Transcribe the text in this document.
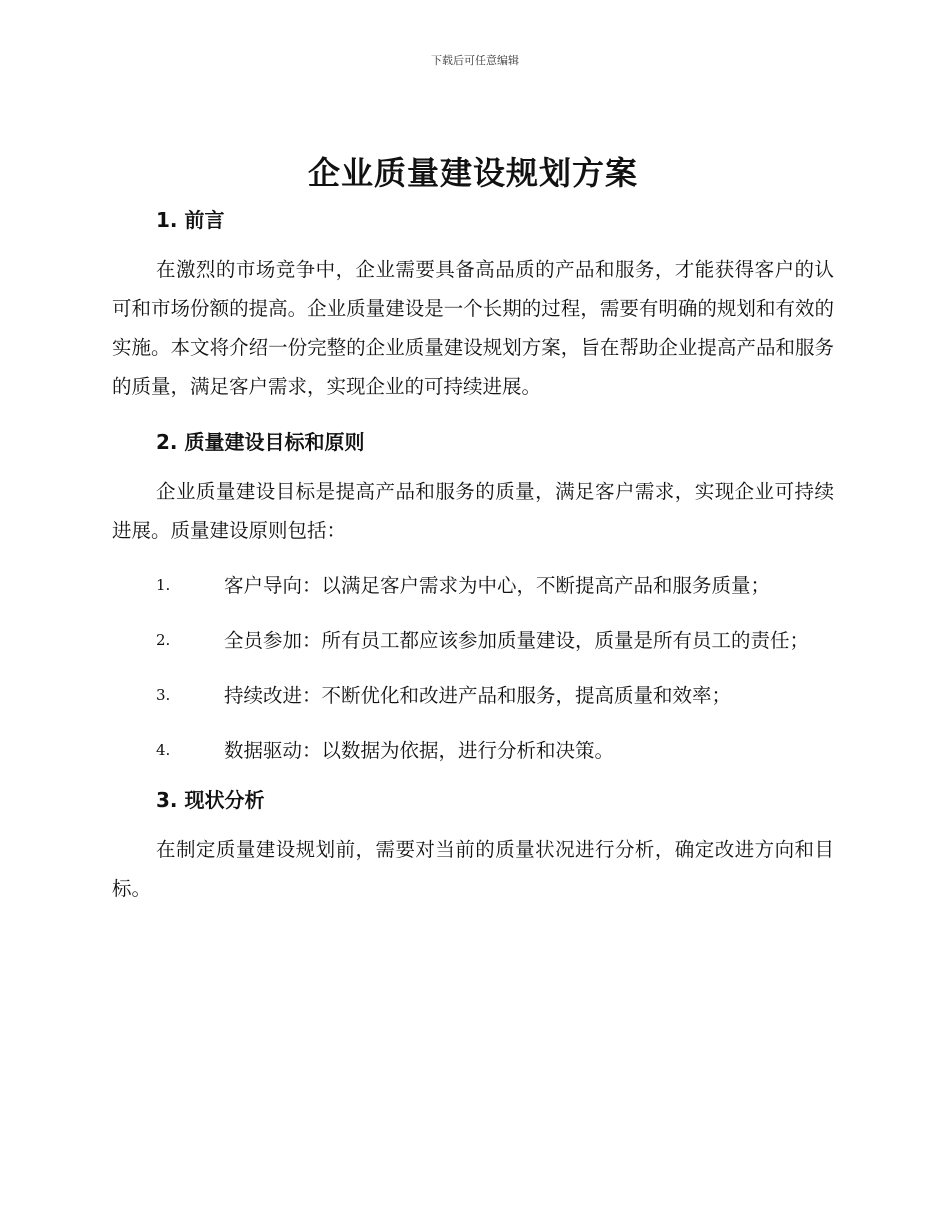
下载后可任意编辑
企业质量建设规划方案
1. 前言

在激烈的市场竞争中，企业需要具备高品质的产品和服务，才能获得客户的认可和市场份额的提高。企业质量建设是一个长期的过程，需要有明确的规划和有效的实施。本文将介绍一份完整的企业质量建设规划方案，旨在帮助企业提高产品和服务的质量，满足客户需求，实现企业的可持续进展。

2. 质量建设目标和原则

企业质量建设目标是提高产品和服务的质量，满足客户需求，实现企业可持续进展。质量建设原则包括：

1.	客户导向：以满足客户需求为中心，不断提高产品和服务质量；
2.	全员参加：所有员工都应该参加质量建设，质量是所有员工的责任；
3.	持续改进：不断优化和改进产品和服务，提高质量和效率；
4.	数据驱动：以数据为依据，进行分析和决策。
3. 现状分析

在制定质量建设规划前，需要对当前的质量状况进行分析，确定改进方向和目标。
